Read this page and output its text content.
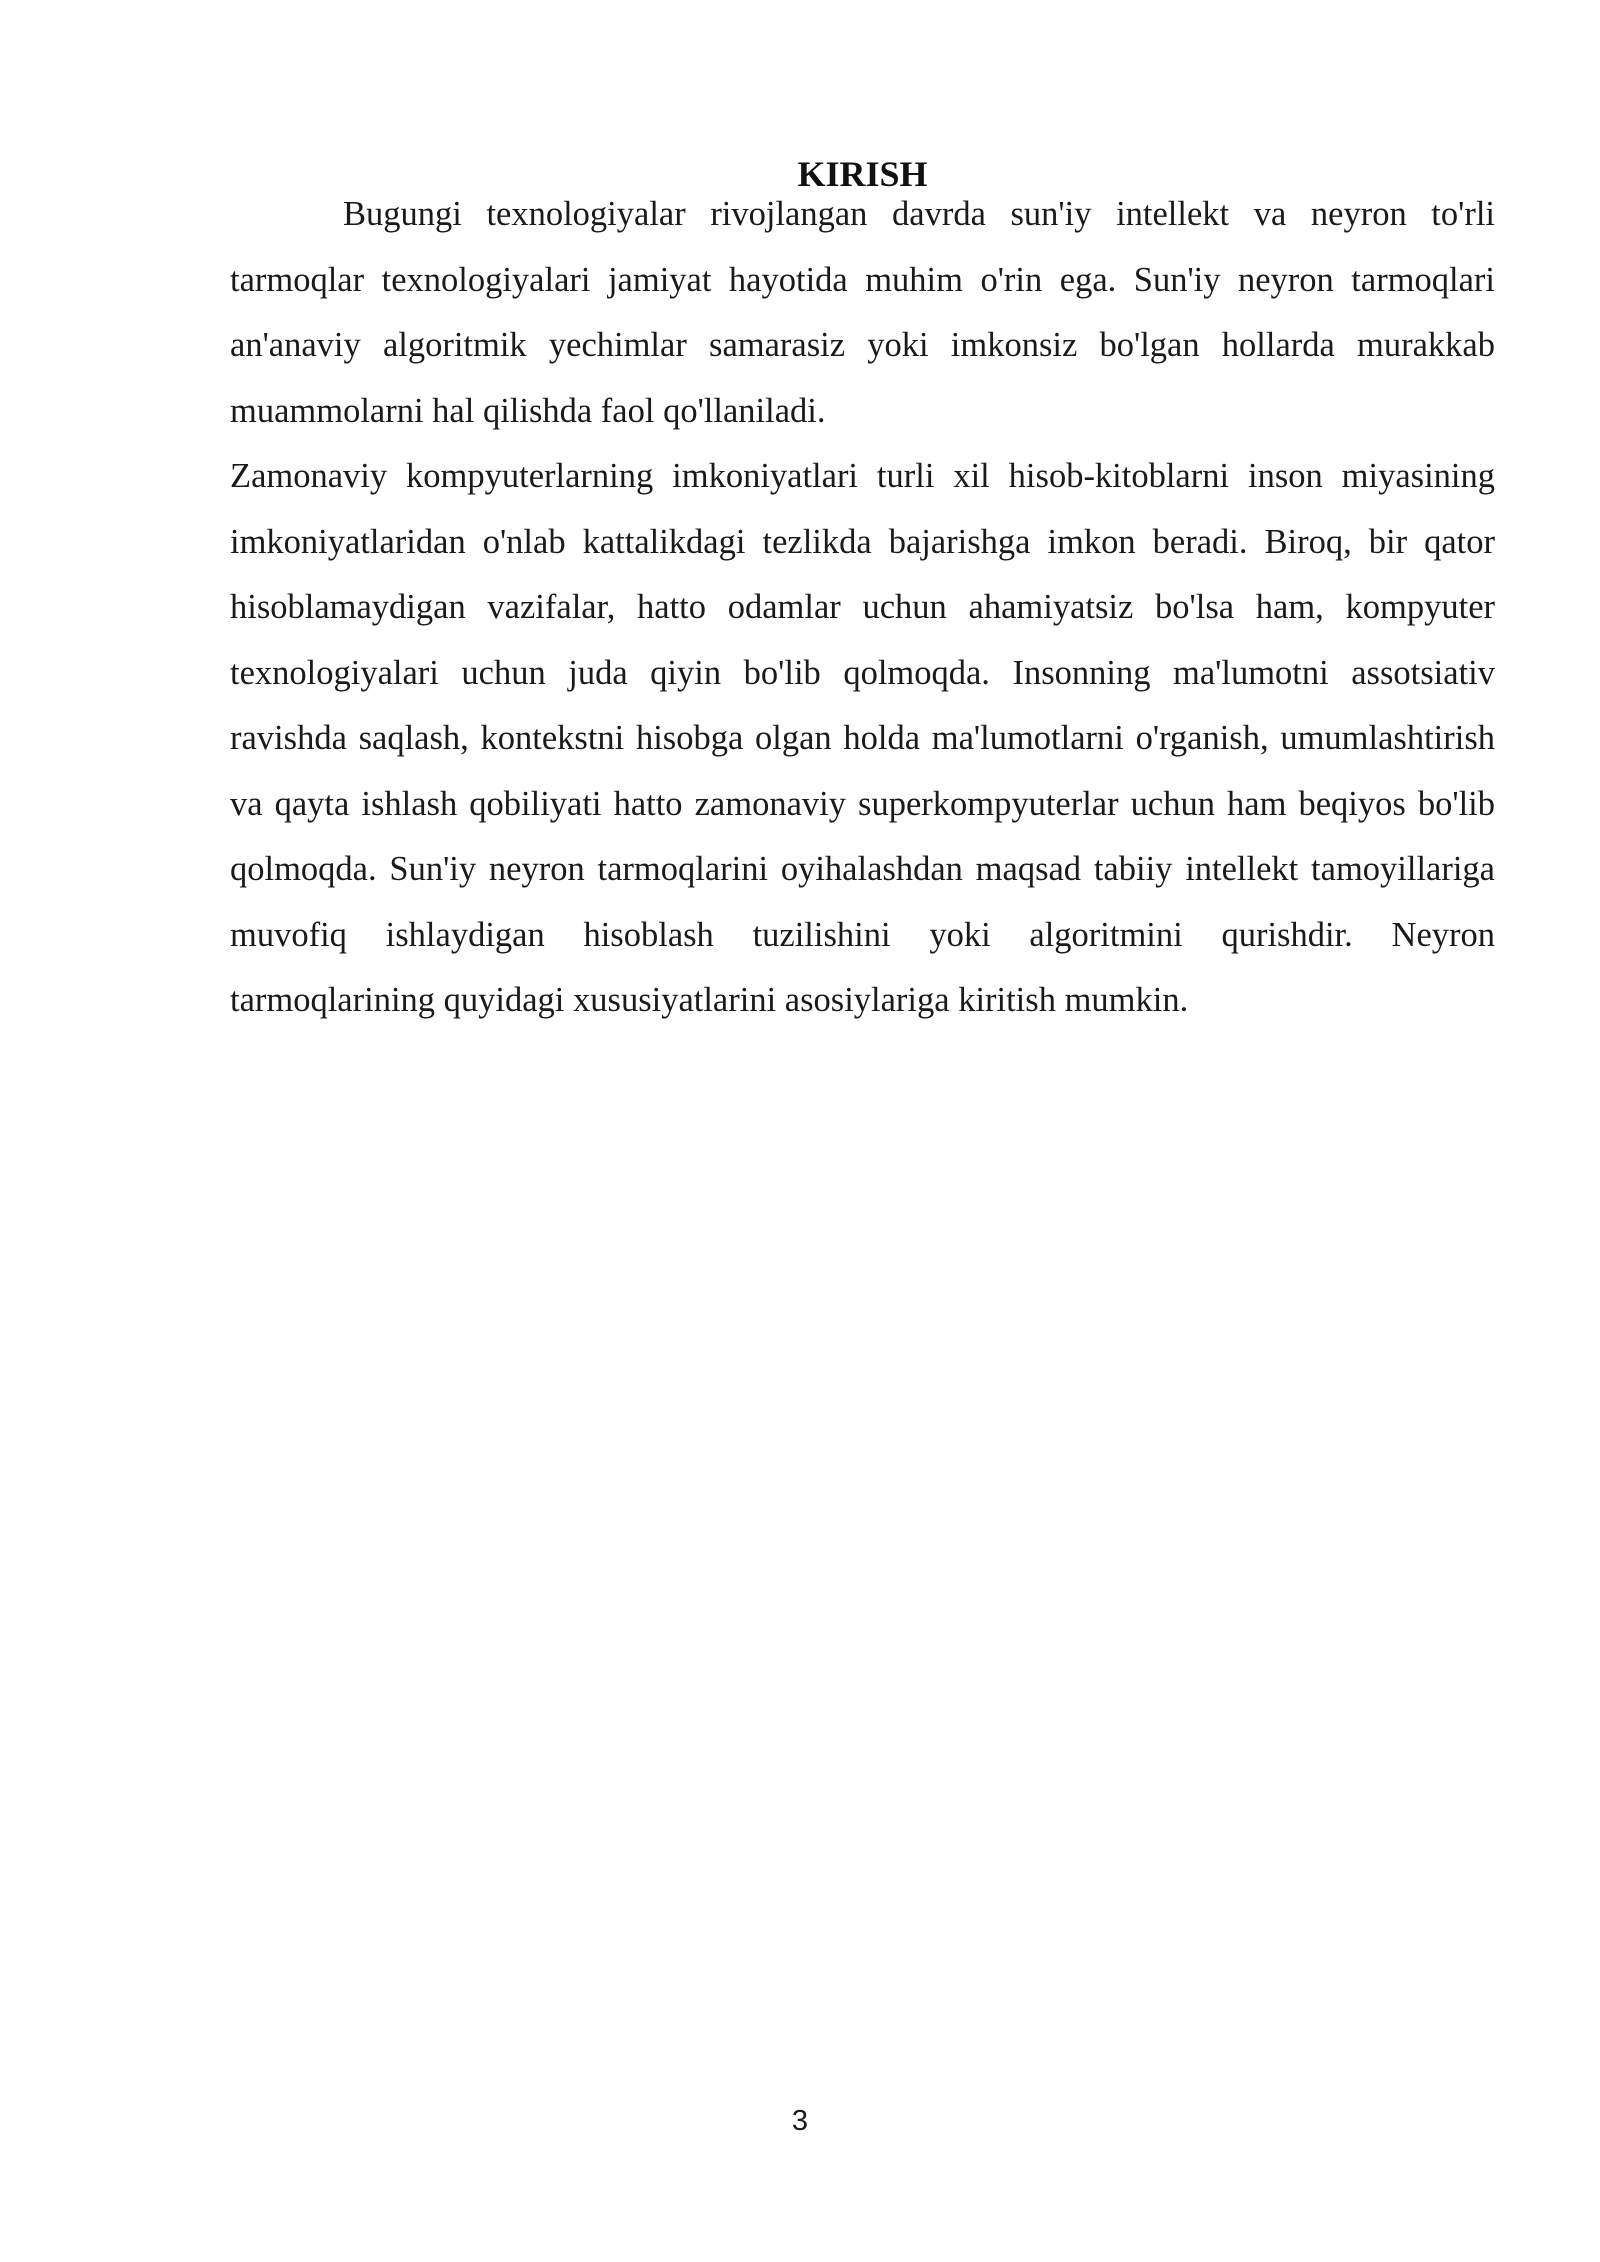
KIRISH

Bugungi texnologiyalar rivojlangan davrda sun'iy intellekt va neyron to'rli tarmoqlar texnologiyalari jamiyat hayotida muhim o'rin ega. Sun'iy neyron tarmoqlari an'anaviy algoritmik yechimlar samarasiz yoki imkonsiz bo'lgan hollarda murakkab muammolarni hal qilishda faol qo'llaniladi.

Zamonaviy kompyuterlarning imkoniyatlari turli xil hisob-kitoblarni inson miyasining imkoniyatlaridan o'nlab kattalikdagi tezlikda bajarishga imkon beradi. Biroq, bir qator hisoblamaydigan vazifalar, hatto odamlar uchun ahamiyatsiz bo'lsa ham, kompyuter texnologiyalari uchun juda qiyin bo'lib qolmoqda. Insonning ma'lumotni assotsiativ ravishda saqlash, kontekstni hisobga olgan holda ma'lumotlarni o'rganish, umumlashtirish va qayta ishlash qobiliyati hatto zamonaviy superkompyuterlar uchun ham beqiyos bo'lib qolmoqda. Sun'iy neyron tarmoqlarini oyihalashdan maqsad tabiiy intellekt tamoyillariga muvofiq ishlaydigan hisoblash tuzilishini yoki algoritmini qurishdir. Neyron tarmoqlarining quyidagi xususiyatlarini asosiylariga kiritish mumkin.

3
